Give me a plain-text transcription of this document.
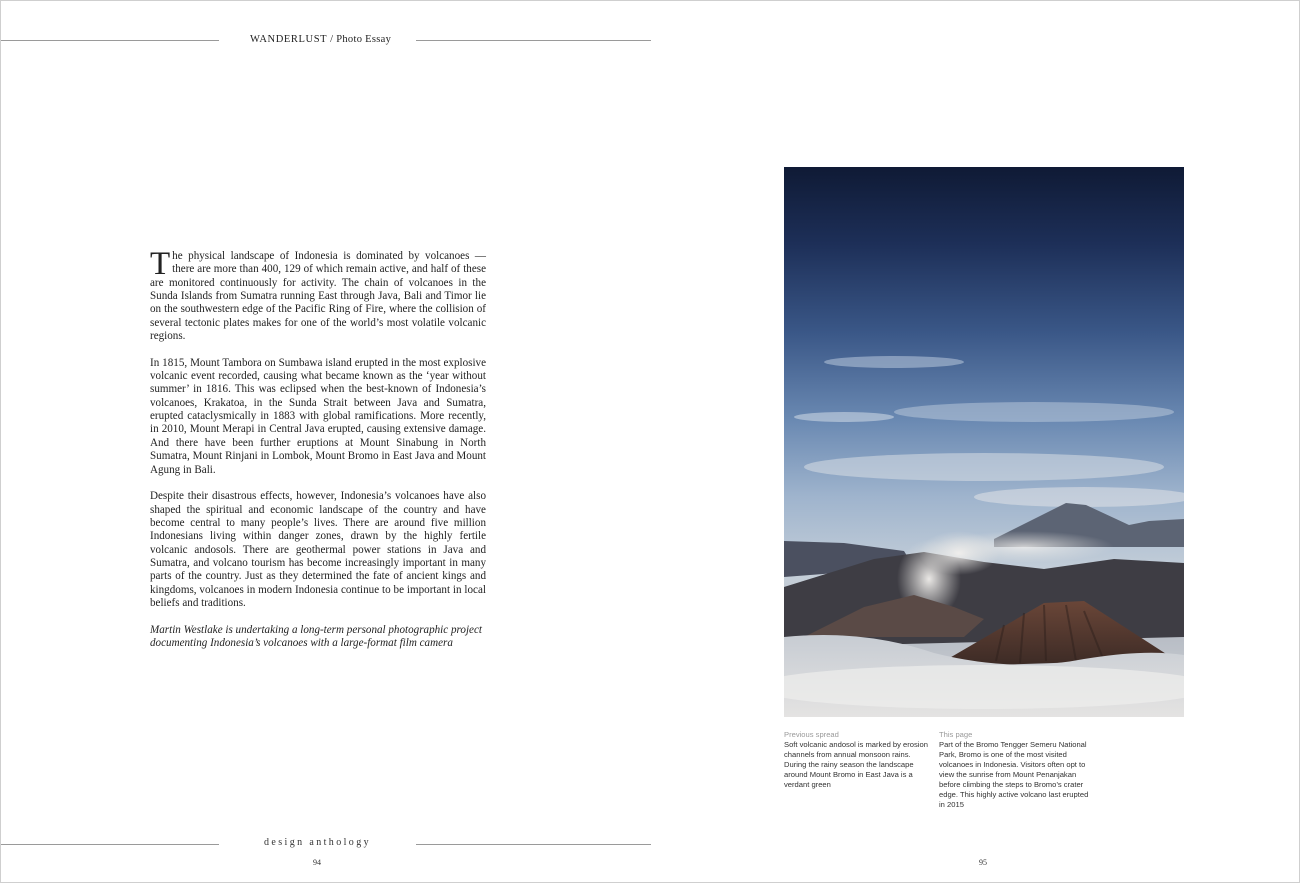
WANDERLUST / Photo Essay

The physical landscape of Indonesia is dominated by volcanoes — there are more than 400, 129 of which remain active, and half of these are monitored continuously for activity. The chain of volcanoes in the Sunda Islands from Sumatra running East through Java, Bali and Timor lie on the southwestern edge of the Pacific Ring of Fire, where the collision of several tectonic plates makes for one of the world’s most volatile volcanic regions.

In 1815, Mount Tambora on Sumbawa island erupted in the most explosive volcanic event recorded, causing what became known as the ‘year without summer’ in 1816. This was eclipsed when the best-known of Indonesia’s volcanoes, Krakatoa, in the Sunda Strait between Java and Sumatra, erupted cataclysmically in 1883 with global ramifications. More recently, in 2010, Mount Merapi in Central Java erupted, causing extensive damage. And there have been further eruptions at Mount Sinabung in North Sumatra, Mount Rinjani in Lombok, Mount Bromo in East Java and Mount Agung in Bali.

Despite their disastrous effects, however, Indonesia’s volcanoes have also shaped the spiritual and economic landscape of the country and have become central to many people’s lives. There are around five million Indonesians living within danger zones, drawn by the highly fertile volcanic andosols. There are geothermal power stations in Java and Sumatra, and volcano tourism has become increasingly important in many parts of the country. Just as they determined the fate of ancient kings and kingdoms, volcanoes in modern Indonesia continue to be important in local beliefs and traditions.

Martin Westlake is undertaking a long-term personal photographic project documenting Indonesia’s volcanoes with a large-format film camera

design anthology
94
Previous spread
Soft volcanic andosol is marked by erosion channels from annual monsoon rains. During the rainy season the landscape around Mount Bromo in East Java is a verdant green
This page
Part of the Bromo Tengger Semeru National Park, Bromo is one of the most visited volcanoes in Indonesia. Visitors often opt to view the sunrise from Mount Penanjakan before climbing the steps to Bromo’s crater edge. This highly active volcano last erupted in 2015
95
